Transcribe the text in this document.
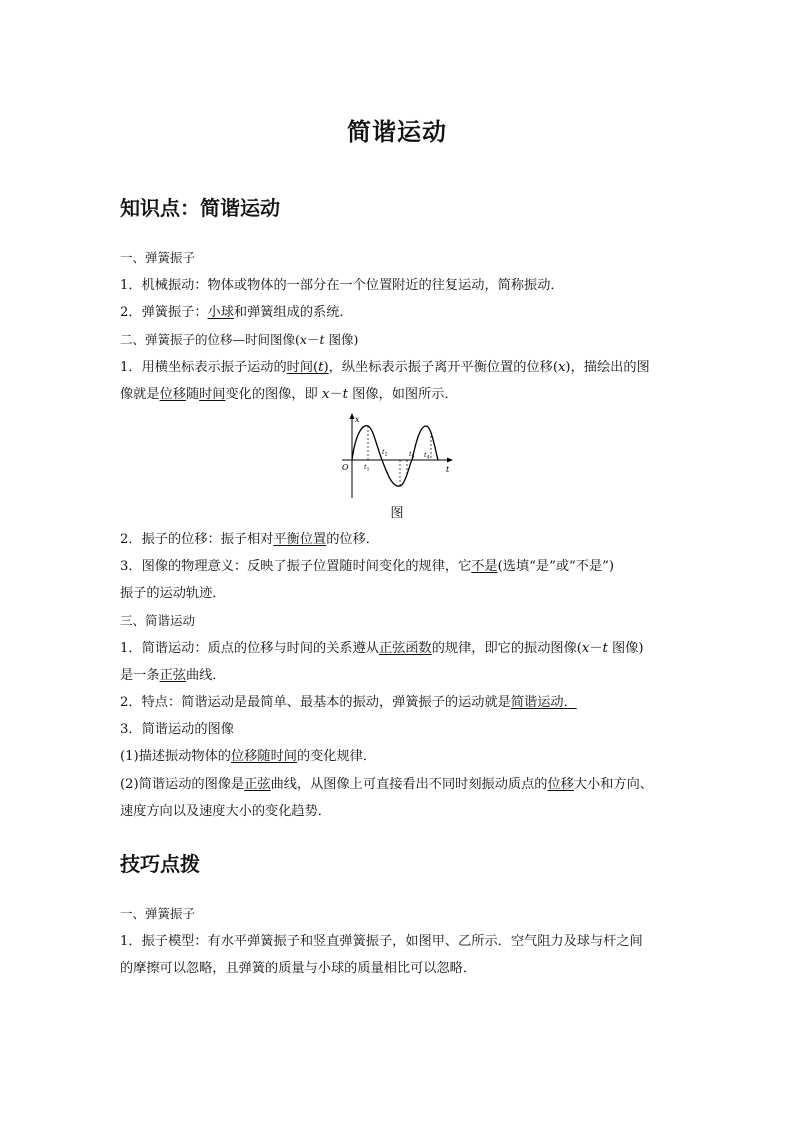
简谐运动
知识点：简谐运动
一、弹簧振子
1．机械振动：物体或物体的一部分在一个位置附近的往复运动，简称振动．
2．弹簧振子：小球和弹簧组成的系统．
二、弹簧振子的位移—时间图像(x－t 图像)
1．用横坐标表示振子运动的时间(t)，纵坐标表示振子离开平衡位置的位移(x)，描绘出的图
像就是位移随时间变化的图像，即 x－t 图像，如图所示．
x
t
O $t_1$
$t_2$	$t_3$ $t_4$
图
2．振子的位移：振子相对平衡位置的位移．
3．图像的物理意义：反映了振子位置随时间变化的规律，它不是(选填“是”或“不是”)
振子的运动轨迹．
三、简谐运动
1．简谐运动：质点的位移与时间的关系遵从正弦函数的规律，即它的振动图像(x－t 图像)
是一条正弦曲线．
2．特点：简谐运动是最简单、最基本的振动，弹簧振子的运动就是简谐运动．
3．简谐运动的图像
(1)描述振动物体的位移随时间的变化规律．
(2)简谐运动的图像是正弦曲线，从图像上可直接看出不同时刻振动质点的位移大小和方向、
速度方向以及速度大小的变化趋势．
技巧点拨
一、弹簧振子
1．振子模型：有水平弹簧振子和竖直弹簧振子，如图甲、乙所示．空气阻力及球与杆之间
的摩擦可以忽略，且弹簧的质量与小球的质量相比可以忽略．
